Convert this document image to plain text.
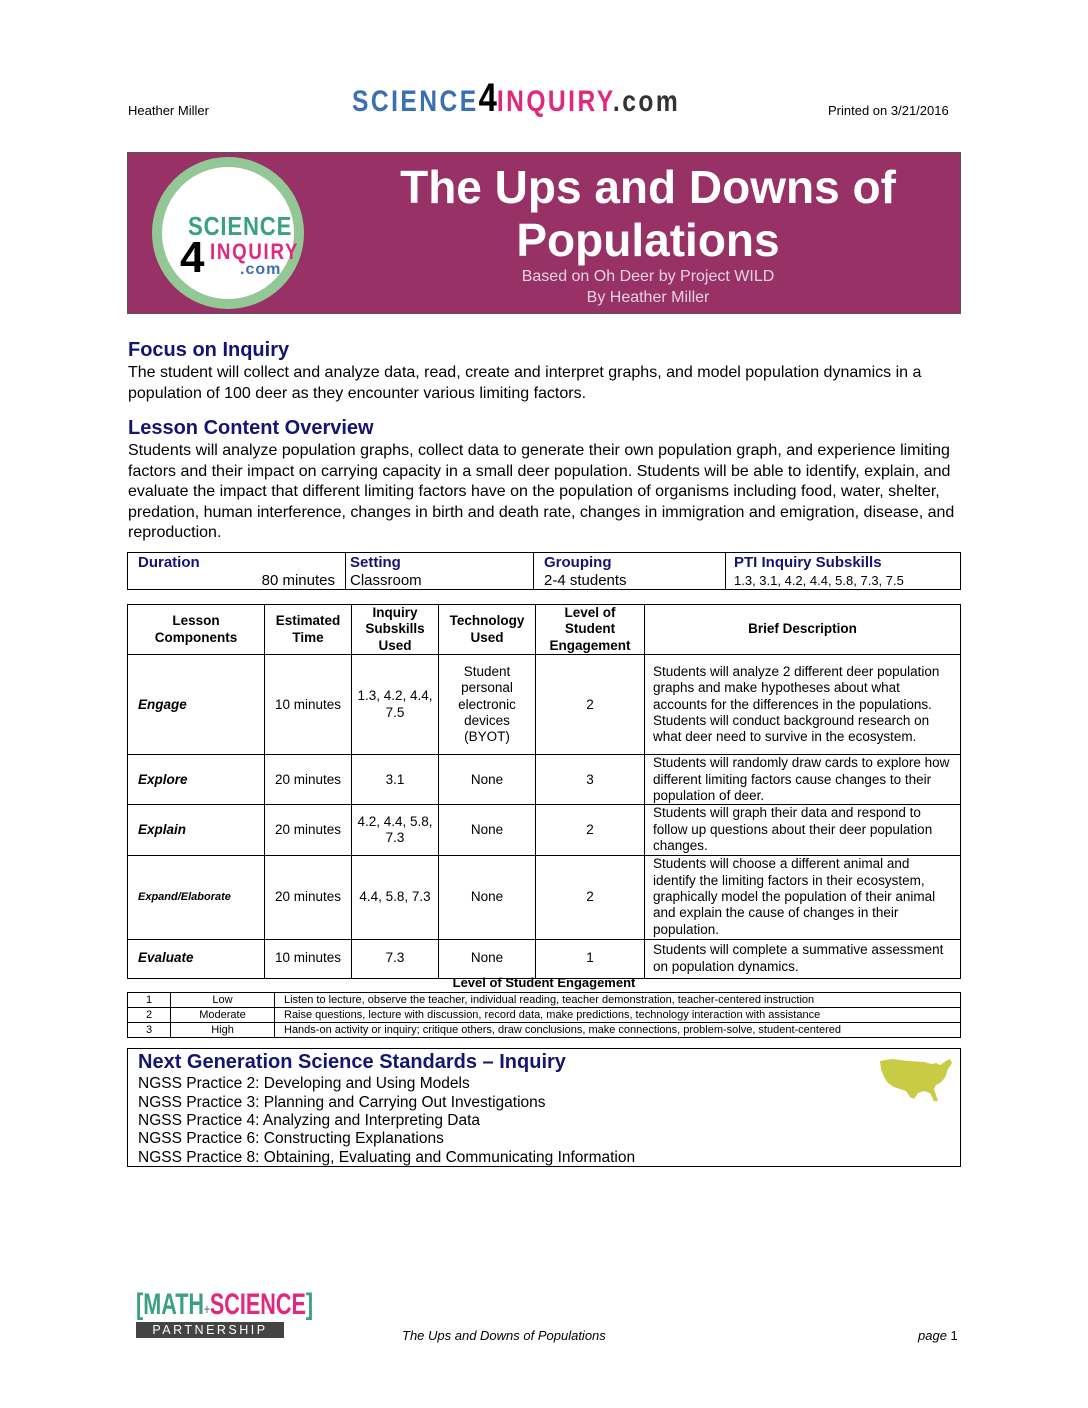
Heather Miller	SCIENCE4INQUIRY.com	Printed on 3/21/2016
SCIENCE
4 INQUIRY
.com
The Ups and Downs of Populations
Based on Oh Deer by Project WILD
By Heather Miller
Focus on Inquiry
The student will collect and analyze data, read, create and interpret graphs, and model population dynamics in a population of 100 deer as they encounter various limiting factors.
Lesson Content Overview
Students will analyze population graphs, collect data to generate their own population graph, and experience limiting factors and their impact on carrying capacity in a small deer population. Students will be able to identify, explain, and evaluate the impact that different limiting factors have on the population of organisms including food, water, shelter, predation, human interference, changes in birth and death rate, changes in immigration and emigration, disease, and reproduction.
Duration
80 minutes

Setting
Classroom

Grouping
2-4 students

PTI Inquiry Subskills
1.3, 3.1, 4.2, 4.4, 5.8, 7.3, 7.5
Lesson Components	Estimated Time	Inquiry Subskills Used	Technology Used	Level of Student Engagement	Brief Description
Engage	10 minutes	1.3, 4.2, 4.4, 7.5	Student personal electronic devices (BYOT)	2	Students will analyze 2 different deer population graphs and make hypotheses about what accounts for the differences in the populations. Students will conduct background research on what deer need to survive in the ecosystem.
Explore	20 minutes	3.1	None	3	Students will randomly draw cards to explore how different limiting factors cause changes to their population of deer.
Explain	20 minutes	4.2, 4.4, 5.8, 7.3	None	2	Students will graph their data and respond to follow up questions about their deer population changes.
Expand/Elaborate	20 minutes	4.4, 5.8, 7.3	None	2	Students will choose a different animal and identify the limiting factors in their ecosystem, graphically model the population of their animal and explain the cause of changes in their population.
Evaluate	10 minutes	7.3	None	1	Students will complete a summative assessment on population dynamics.
Level of Student Engagement
1	Low	Listen to lecture, observe the teacher, individual reading, teacher demonstration, teacher-centered instruction
2	Moderate	Raise questions, lecture with discussion, record data, make predictions, technology interaction with assistance
3	High	Hands-on activity or inquiry; critique others, draw conclusions, make connections, problem-solve, student-centered
Next Generation Science Standards – Inquiry
NGSS Practice 2: Developing and Using Models
NGSS Practice 3: Planning and Carrying Out Investigations
NGSS Practice 4: Analyzing and Interpreting Data
NGSS Practice 6: Constructing Explanations
NGSS Practice 8: Obtaining, Evaluating and Communicating Information
[MATH+SCIENCE]
PARTNERSHIP	The Ups and Downs of Populations	page 1
